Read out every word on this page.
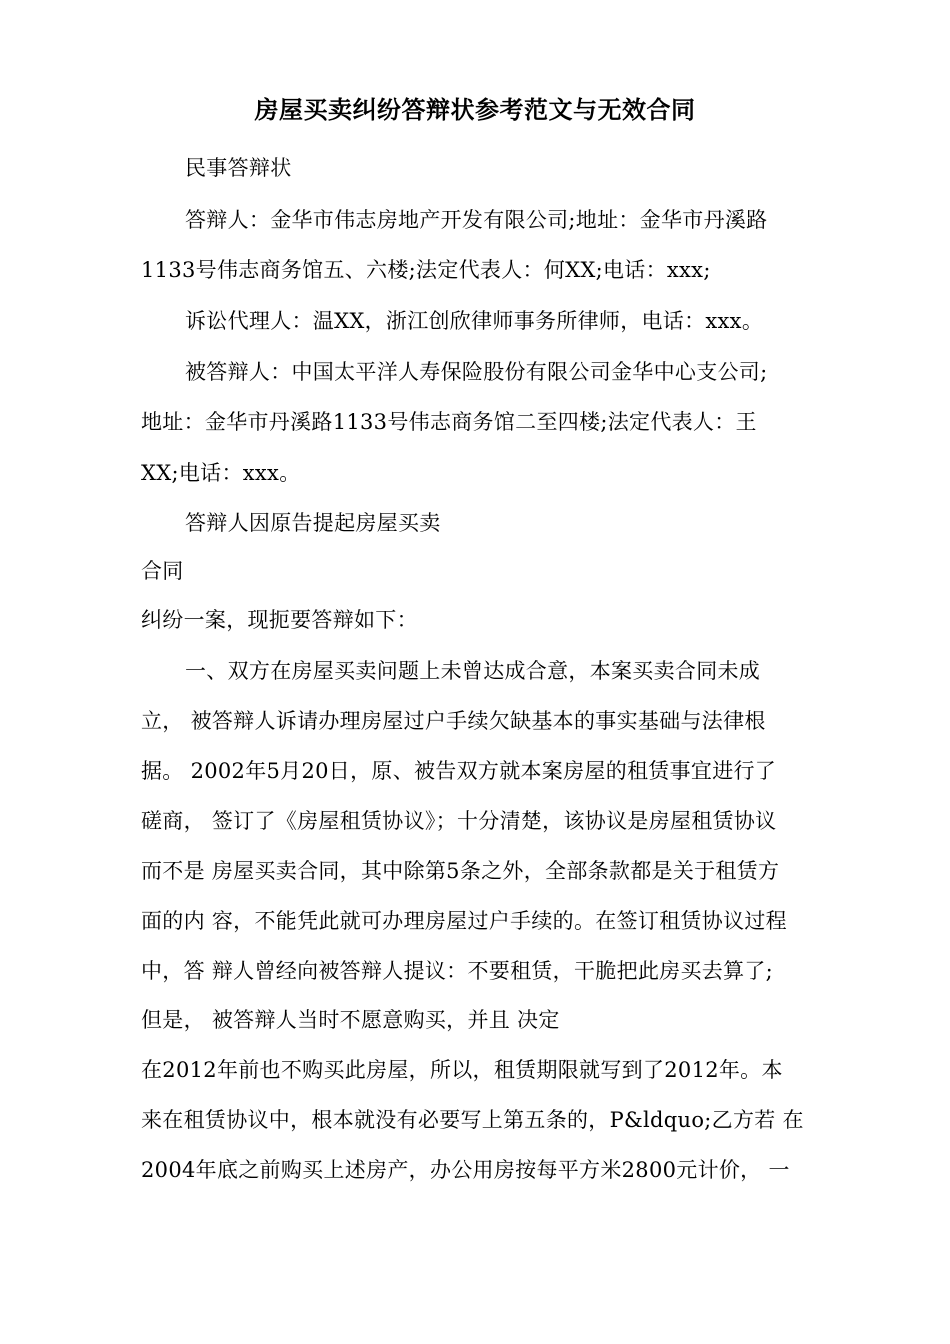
房屋买卖纠纷答辩状参考范文与无效合同
民事答辩状
答辩人：金华市伟志房地产开发有限公司;地址：金华市丹溪路
1133号伟志商务馆五、六楼;法定代表人：何XX;电话：xxx;
诉讼代理人：温XX，浙江创欣律师事务所律师，电话：xxx。
被答辩人：中国太平洋人寿保险股份有限公司金华中心支公司;
地址：金华市丹溪路1133号伟志商务馆二至四楼;法定代表人：王
XX;电话：xxx。
答辩人因原告提起房屋买卖
合同
纠纷一案，现扼要答辩如下：
一、双方在房屋买卖问题上未曾达成合意，本案买卖合同未成
立， 被答辩人诉请办理房屋过户手续欠缺基本的事实基础与法律根
据。 2002年5月20日，原、被告双方就本案房屋的租赁事宜进行了
磋商， 签订了《房屋租赁协议》；十分清楚，该协议是房屋租赁协议
而不是 房屋买卖合同，其中除第5条之外，全部条款都是关于租赁方
面的内 容，不能凭此就可办理房屋过户手续的。在签订租赁协议过程
中，答 辩人曾经向被答辩人提议：不要租赁，干脆把此房买去算了;
但是， 被答辩人当时不愿意购买，并且 决定
在2012年前也不购买此房屋，所以，租赁期限就写到了2012年。本
来在租赁协议中，根本就没有必要写上第五条的，P&ldquo;乙方若 在
2004年底之前购买上述房产，办公用房按每平方米2800元计价， 一
